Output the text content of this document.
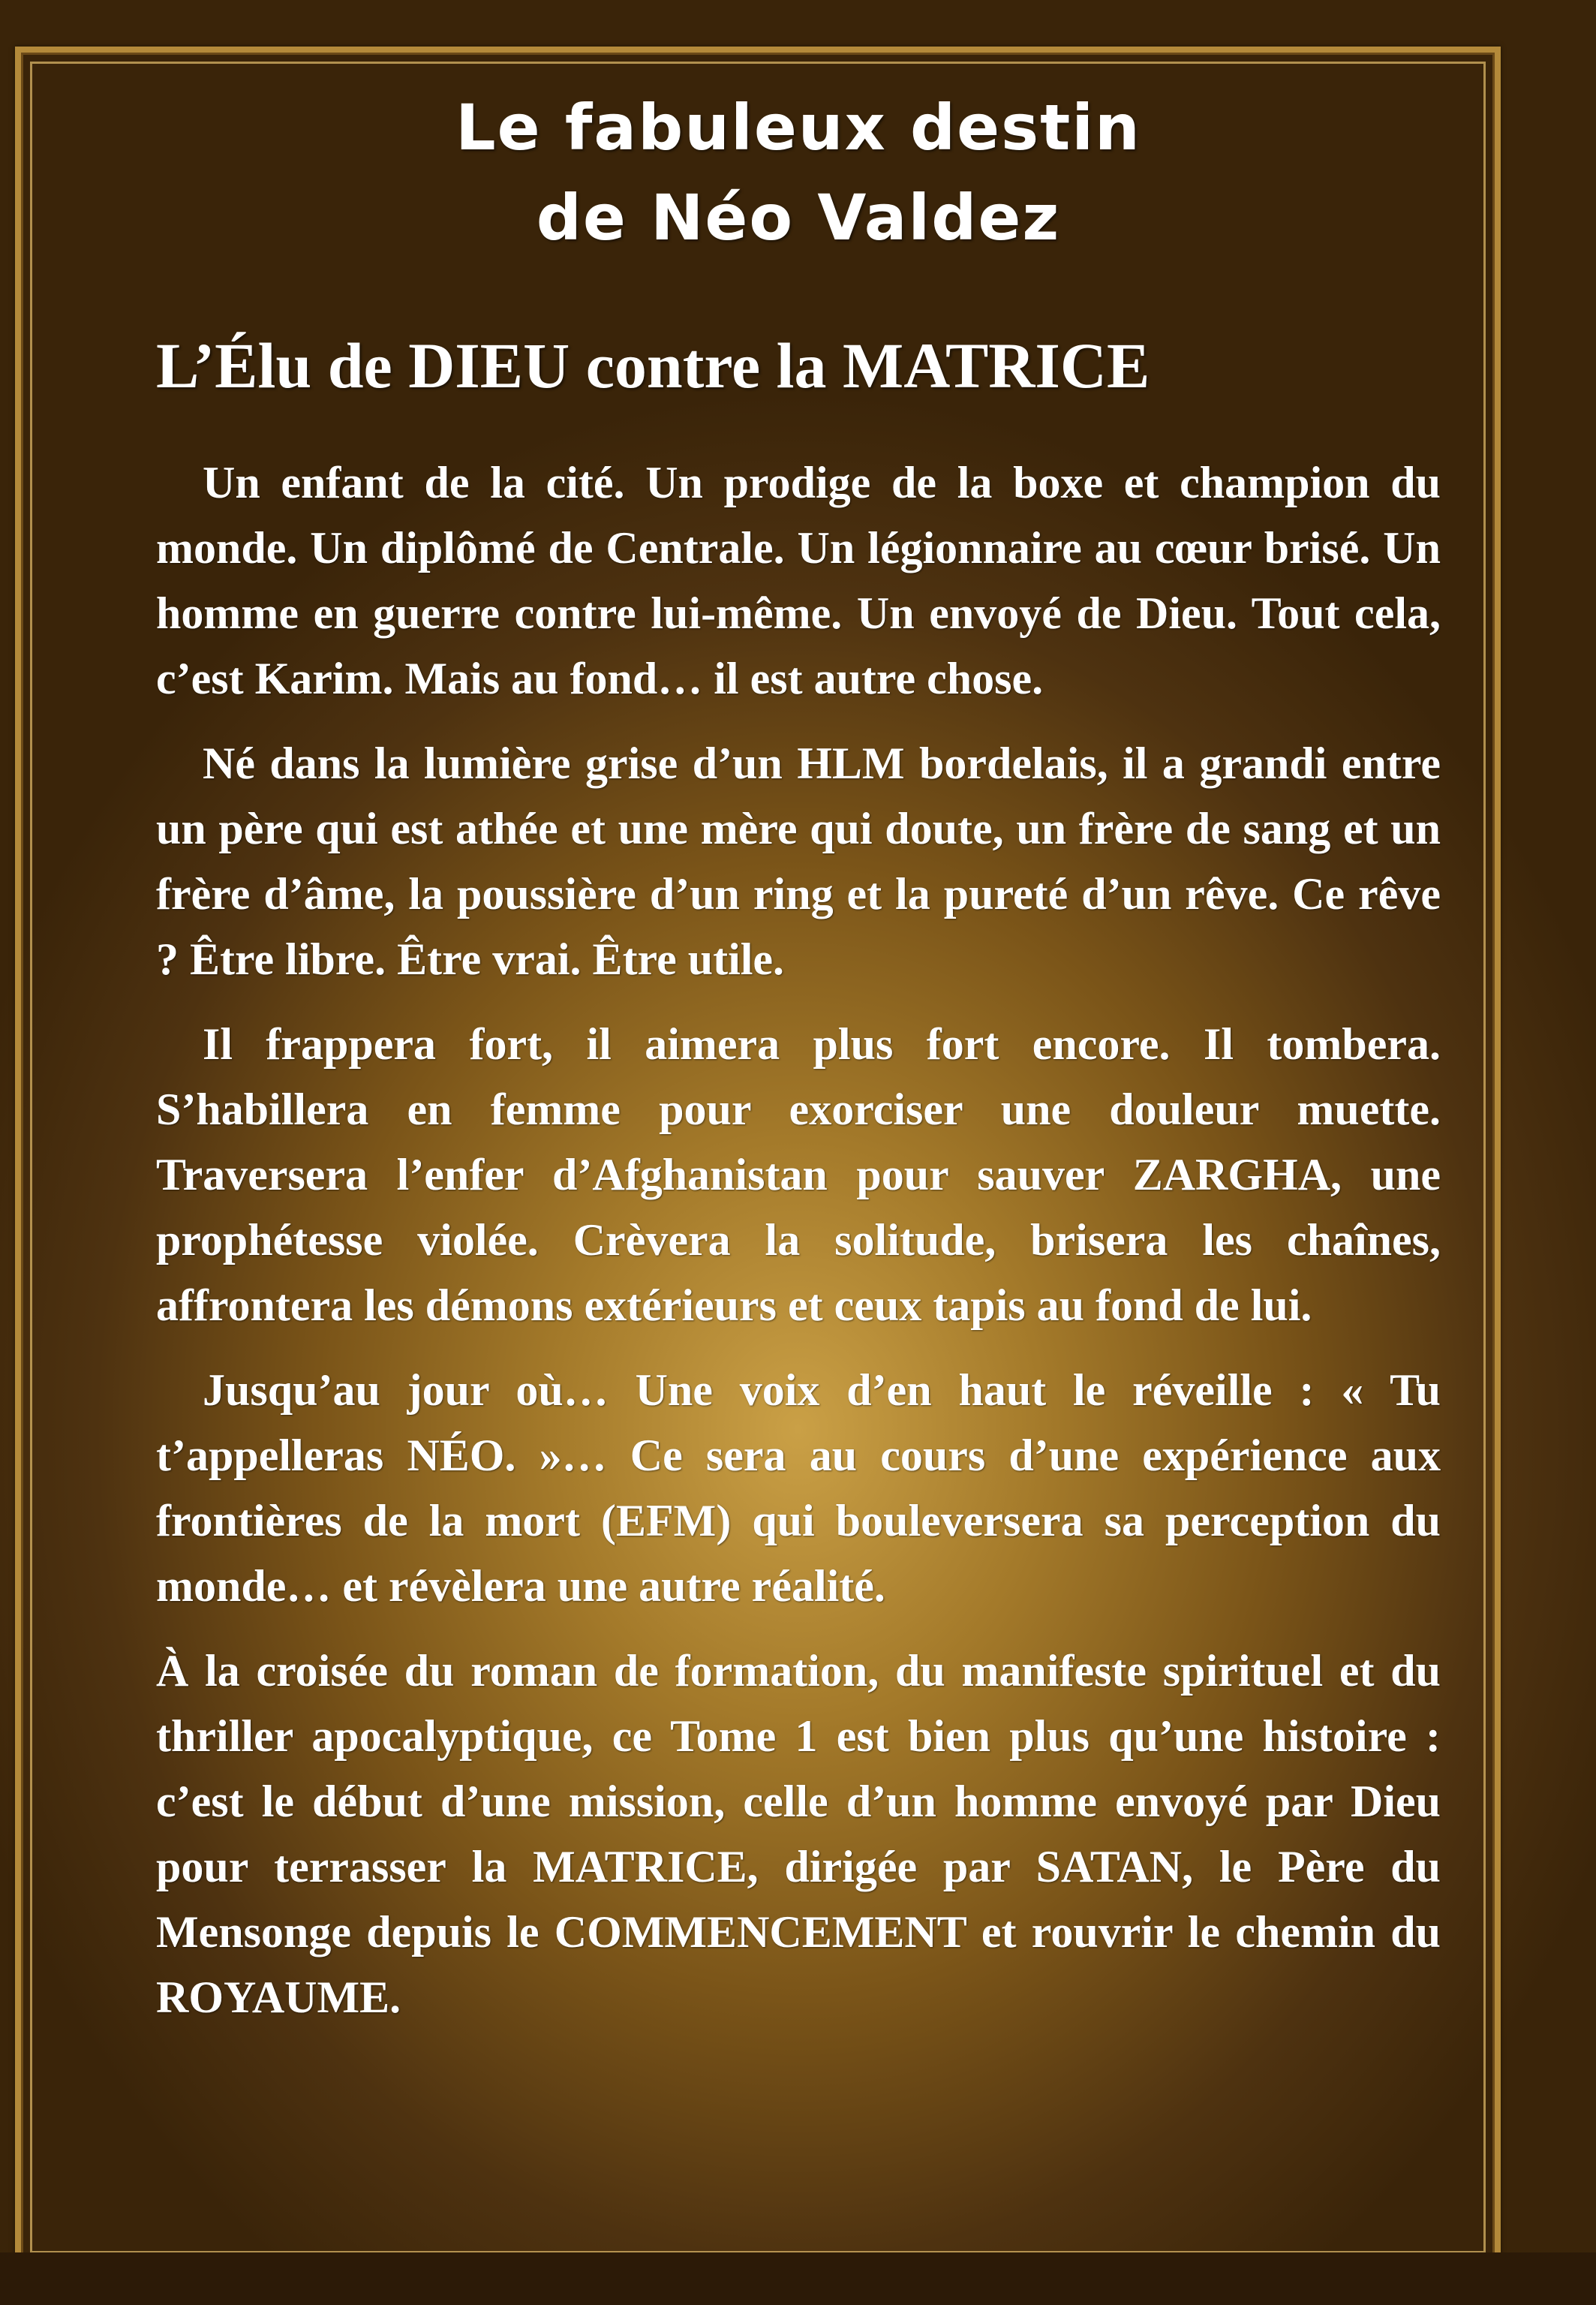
Le fabuleux destin
de Néo Valdez
L’Élu de DIEU contre la MATRICE

Un enfant de la cité. Un prodige de la boxe et champion du monde. Un diplômé de Centrale. Un légionnaire au cœur brisé. Un homme en guerre contre lui-même. Un envoyé de Dieu. Tout cela, c’est Karim. Mais au fond… il est autre chose.

Né dans la lumière grise d’un HLM bordelais, il a grandi entre un père qui est athée et une mère qui doute, un frère de sang et un frère d’âme, la poussière d’un ring et la pureté d’un rêve. Ce rêve ? Être libre. Être vrai. Être utile.

Il frappera fort, il aimera plus fort encore. Il tombera. S’habillera en femme pour exorciser une douleur muette. Traversera l’enfer d’Afghanistan pour sauver ZARGHA, une prophétesse violée. Crèvera la solitude, brisera les chaînes, affrontera les démons extérieurs et ceux tapis au fond de lui.

Jusqu’au jour où… Une voix d’en haut le réveille : « Tu t’appelleras NÉO. »… Ce sera au cours d’une expérience aux frontières de la mort (EFM) qui bouleversera sa perception du monde… et révèlera une autre réalité.

À la croisée du roman de formation, du manifeste spirituel et du thriller apocalyptique, ce Tome 1 est bien plus qu’une histoire : c’est le début d’une mission, celle d’un homme envoyé par Dieu pour terrasser la MATRICE, dirigée par SATAN, le Père du Mensonge depuis le COMMENCEMENT et rouvrir le chemin du ROYAUME.
